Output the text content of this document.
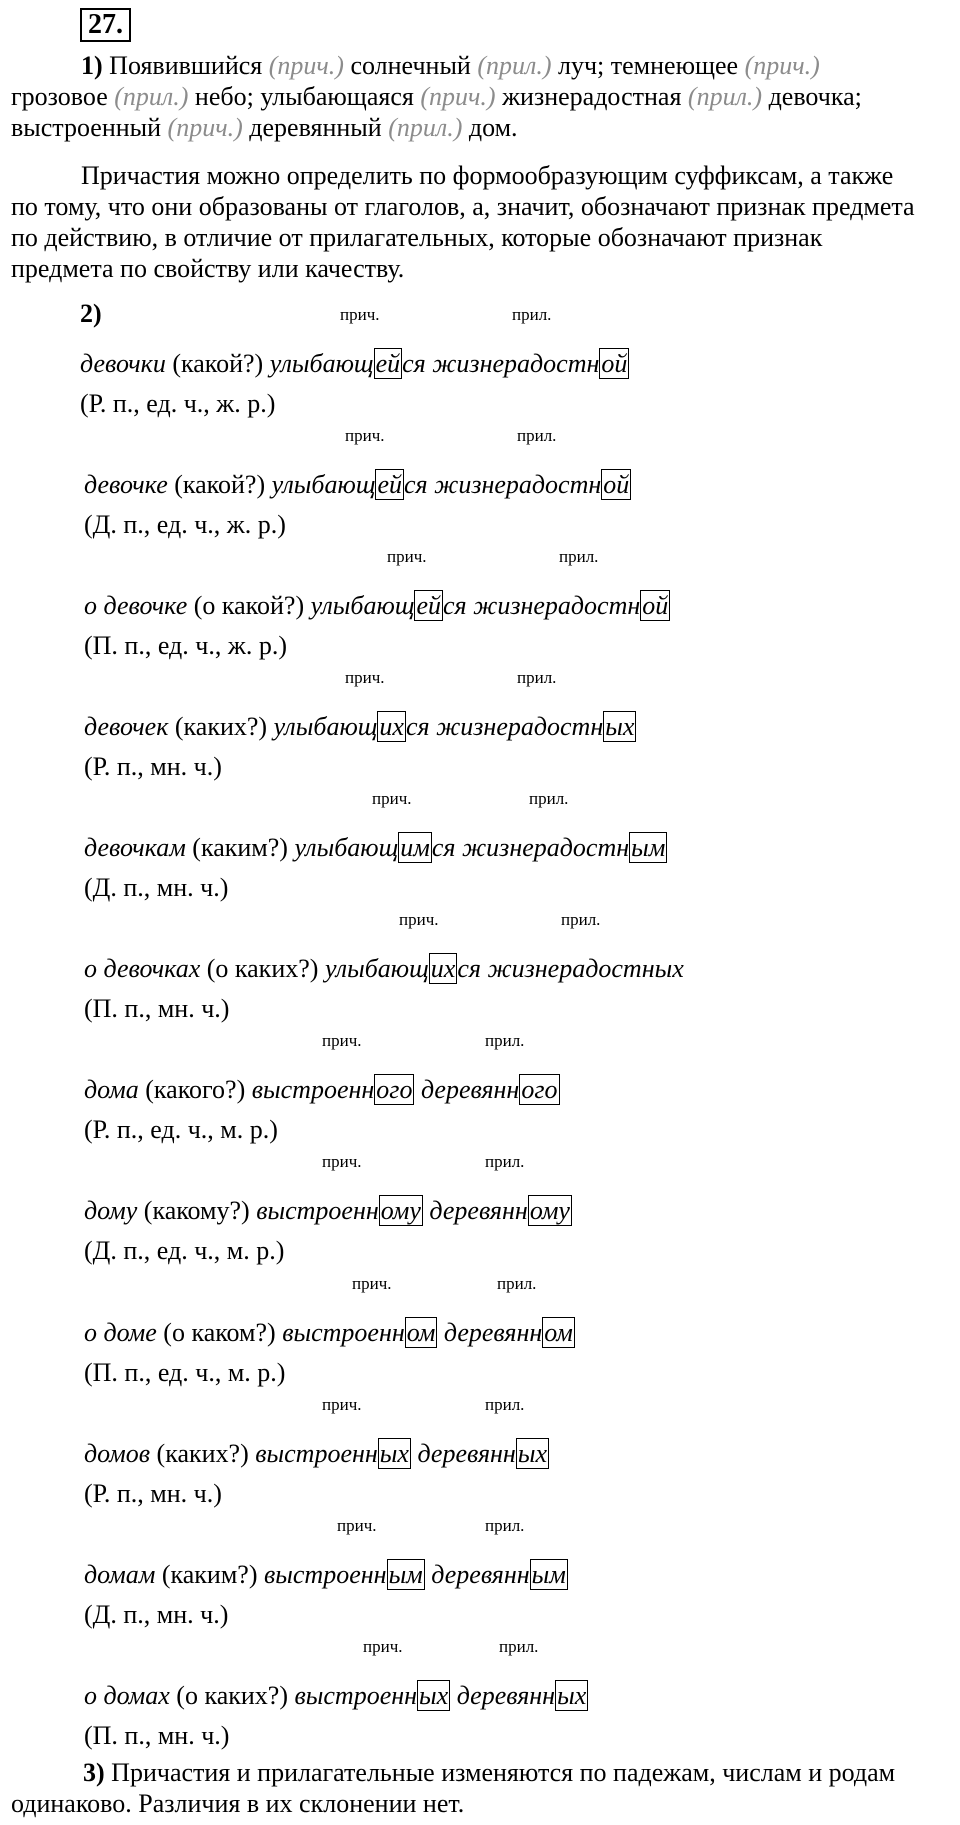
27.

1) Появившийся (прич.) солнечный (прил.) луч; темнеющее (прич.) грозовое (прил.) небо; улыбающаяся (прич.) жизнерадостная (прил.) девочка; выстроенный (прич.) деревянный (прил.) дом.

Причастия можно определить по формообразующим суффиксам, а также по тому, что они образованы от глаголов, а, значит, обозначают признак предмета по действию, в отличие от прилагательных, которые обозначают признак предмета по свойству или качеству.

2)	прич.	прил.
девочки (какой?) улыбающейся жизнерадостной
(Р. п., ед. ч., ж. р.)
прич.	прил.
девочке (какой?) улыбающейся жизнерадостной
(Д. п., ед. ч., ж. р.)
прич.	прил.
о девочке (о какой?) улыбающейся жизнерадостной
(П. п., ед. ч., ж. р.)
прич.	прил.
девочек (каких?) улыбающихся жизнерадостных
(Р. п., мн. ч.)
прич.	прил.
девочкам (каким?) улыбающимся жизнерадостным
(Д. п., мн. ч.)
прич.	прил.
о девочках (о каких?) улыбающихся жизнерадостных
(П. п., мн. ч.)
прич.	прил.
дома (какого?) выстроенного деревянного
(Р. п., ед. ч., м. р.)
прич.	прил.
дому (какому?) выстроенному деревянному
(Д. п., ед. ч., м. р.)
прич.	прил.
о доме (о каком?) выстроенном деревянном
(П. п., ед. ч., м. р.)
прич.	прил.
домов (каких?) выстроенных деревянных
(Р. п., мн. ч.)
прич.	прил.
домам (каким?) выстроенным деревянным
(Д. п., мн. ч.)
прич.	прил.
о домах (о каких?) выстроенных деревянных
(П. п., мн. ч.)

3) Причастия и прилагательные изменяются по падежам, числам и родам одинаково. Различия в их склонении нет.
